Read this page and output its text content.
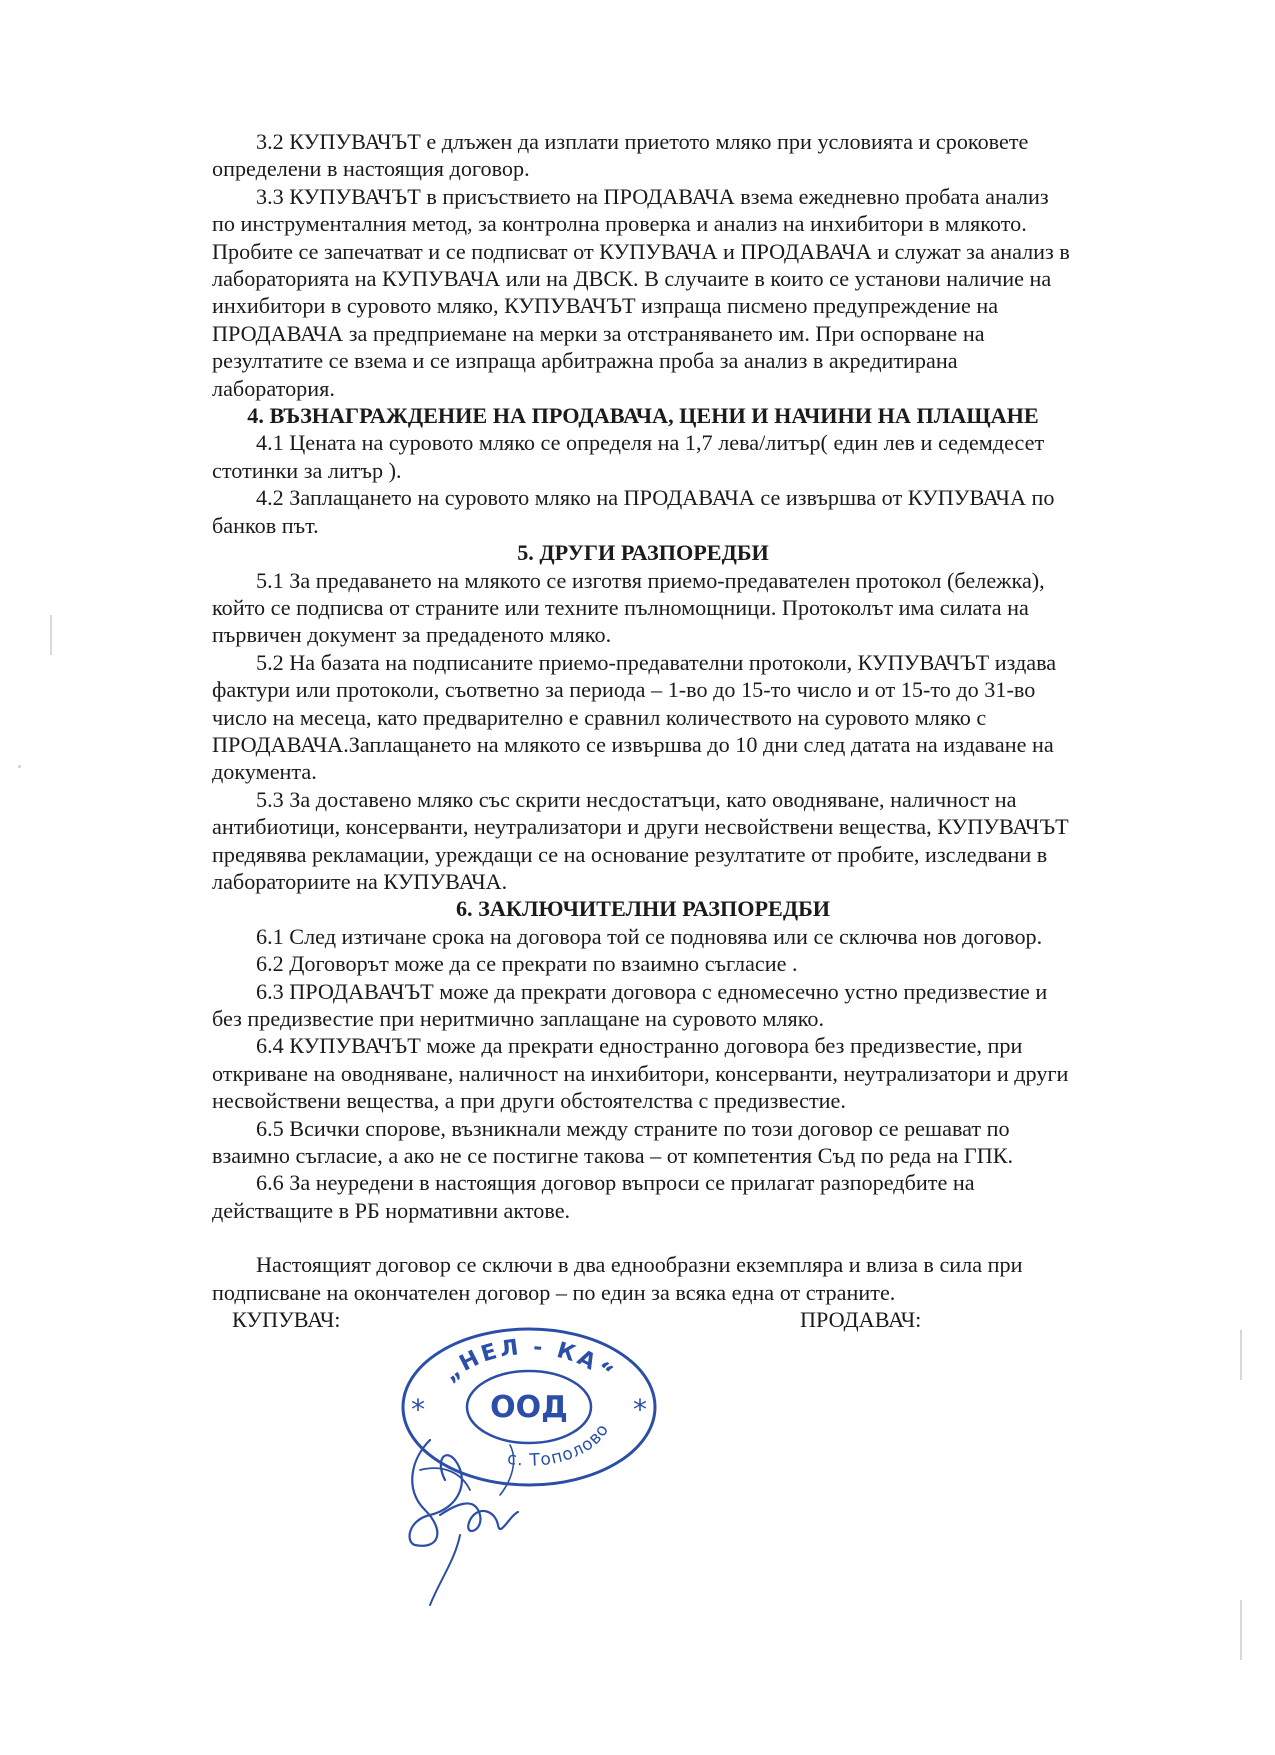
3.2 КУПУВАЧЪТ е длъжен да изплати приетото мляко при условията и сроковете определени в настоящия договор.

3.3 КУПУВАЧЪТ в присъствието на ПРОДАВАЧА взема ежедневно пробата анализ по инструменталния метод, за контролна проверка и анализ на инхибитори в млякото. Пробите се запечатват и се подписват от КУПУВАЧА и ПРОДАВАЧА и служат за анализ в лабораторията на КУПУВАЧА или на ДВСК. В случаите в които се установи наличие на инхибитори в суровото мляко, КУПУВАЧЪТ изпраща писмено предупреждение на ПРОДАВАЧА за предприемане на мерки за отстраняването им. При оспорване на резултатите се взема и се изпраща арбитражна проба за анализ в акредитирана лаборатория.

4. ВЪЗНАГРАЖДЕНИЕ НА ПРОДАВАЧА, ЦЕНИ И НАЧИНИ НА ПЛАЩАНЕ

4.1 Цената на суровото мляко се определя на 1,7 лева/литър( един лев и седемдесет стотинки за литър ).

4.2 Заплащането на суровото мляко на ПРОДАВАЧА се извършва от КУПУВАЧА по банков път.

5. ДРУГИ РАЗПОРЕДБИ

5.1 За предаването на млякото се изготвя приемо-предавателен протокол (бележка), който се подписва от страните или техните пълномощници. Протоколът има силата на първичен документ за предаденото мляко.

5.2 На базата на подписаните приемо-предавателни протоколи, КУПУВАЧЪТ издава фактури или протоколи, съответно за периода – 1-во до 15-то число и от 15-то до 31-во число на месеца, като предварително е сравнил количеството на суровото мляко с ПРОДАВАЧА.Заплащането на млякото се извършва до 10 дни след датата на издаване на документа.

5.3 За доставено мляко със скрити несдостатъци, като оводняване, наличност на антибиотици, консерванти, неутрализатори и други несвойствени вещества, КУПУВАЧЪТ предявява рекламации, уреждащи се на основание резултатите от пробите, изследвани в лабораториите на КУПУВАЧА.

6. ЗАКЛЮЧИТЕЛНИ РАЗПОРЕДБИ

6.1 След изтичане срока на договора той се подновява или се сключва нов договор.

6.2 Договорът може да се прекрати по взаимно съгласие .

6.3 ПРОДАВАЧЪТ може да прекрати договора с едномесечно устно предизвестие и без предизвестие при неритмично заплащане на суровото мляко.

6.4 КУПУВАЧЪТ може да прекрати едностранно договора без предизвестие, при откриване на оводняване, наличност на инхибитори, консерванти, неутрализатори и други несвойствени вещества, а при други обстоятелства с предизвестие.

6.5 Всички спорове, възникнали между страните по този договор се решават по взаимно съгласие, а ако не се постигне такова – от компетентия Съд по реда на ГПК.

6.6 За неуредени в настоящия договор въпроси се прилагат разпоредбите на действащите в РБ нормативни актове.

Настоящият договор се сключи в два еднообразни екземпляра и влиза в сила при подписване на окончателен договор – по един за всяка една от страните.

КУПУВАЧ:	ПРОДАВАЧ:
„НЕЛ - КА“
ООД
*	*
с. Тополово
